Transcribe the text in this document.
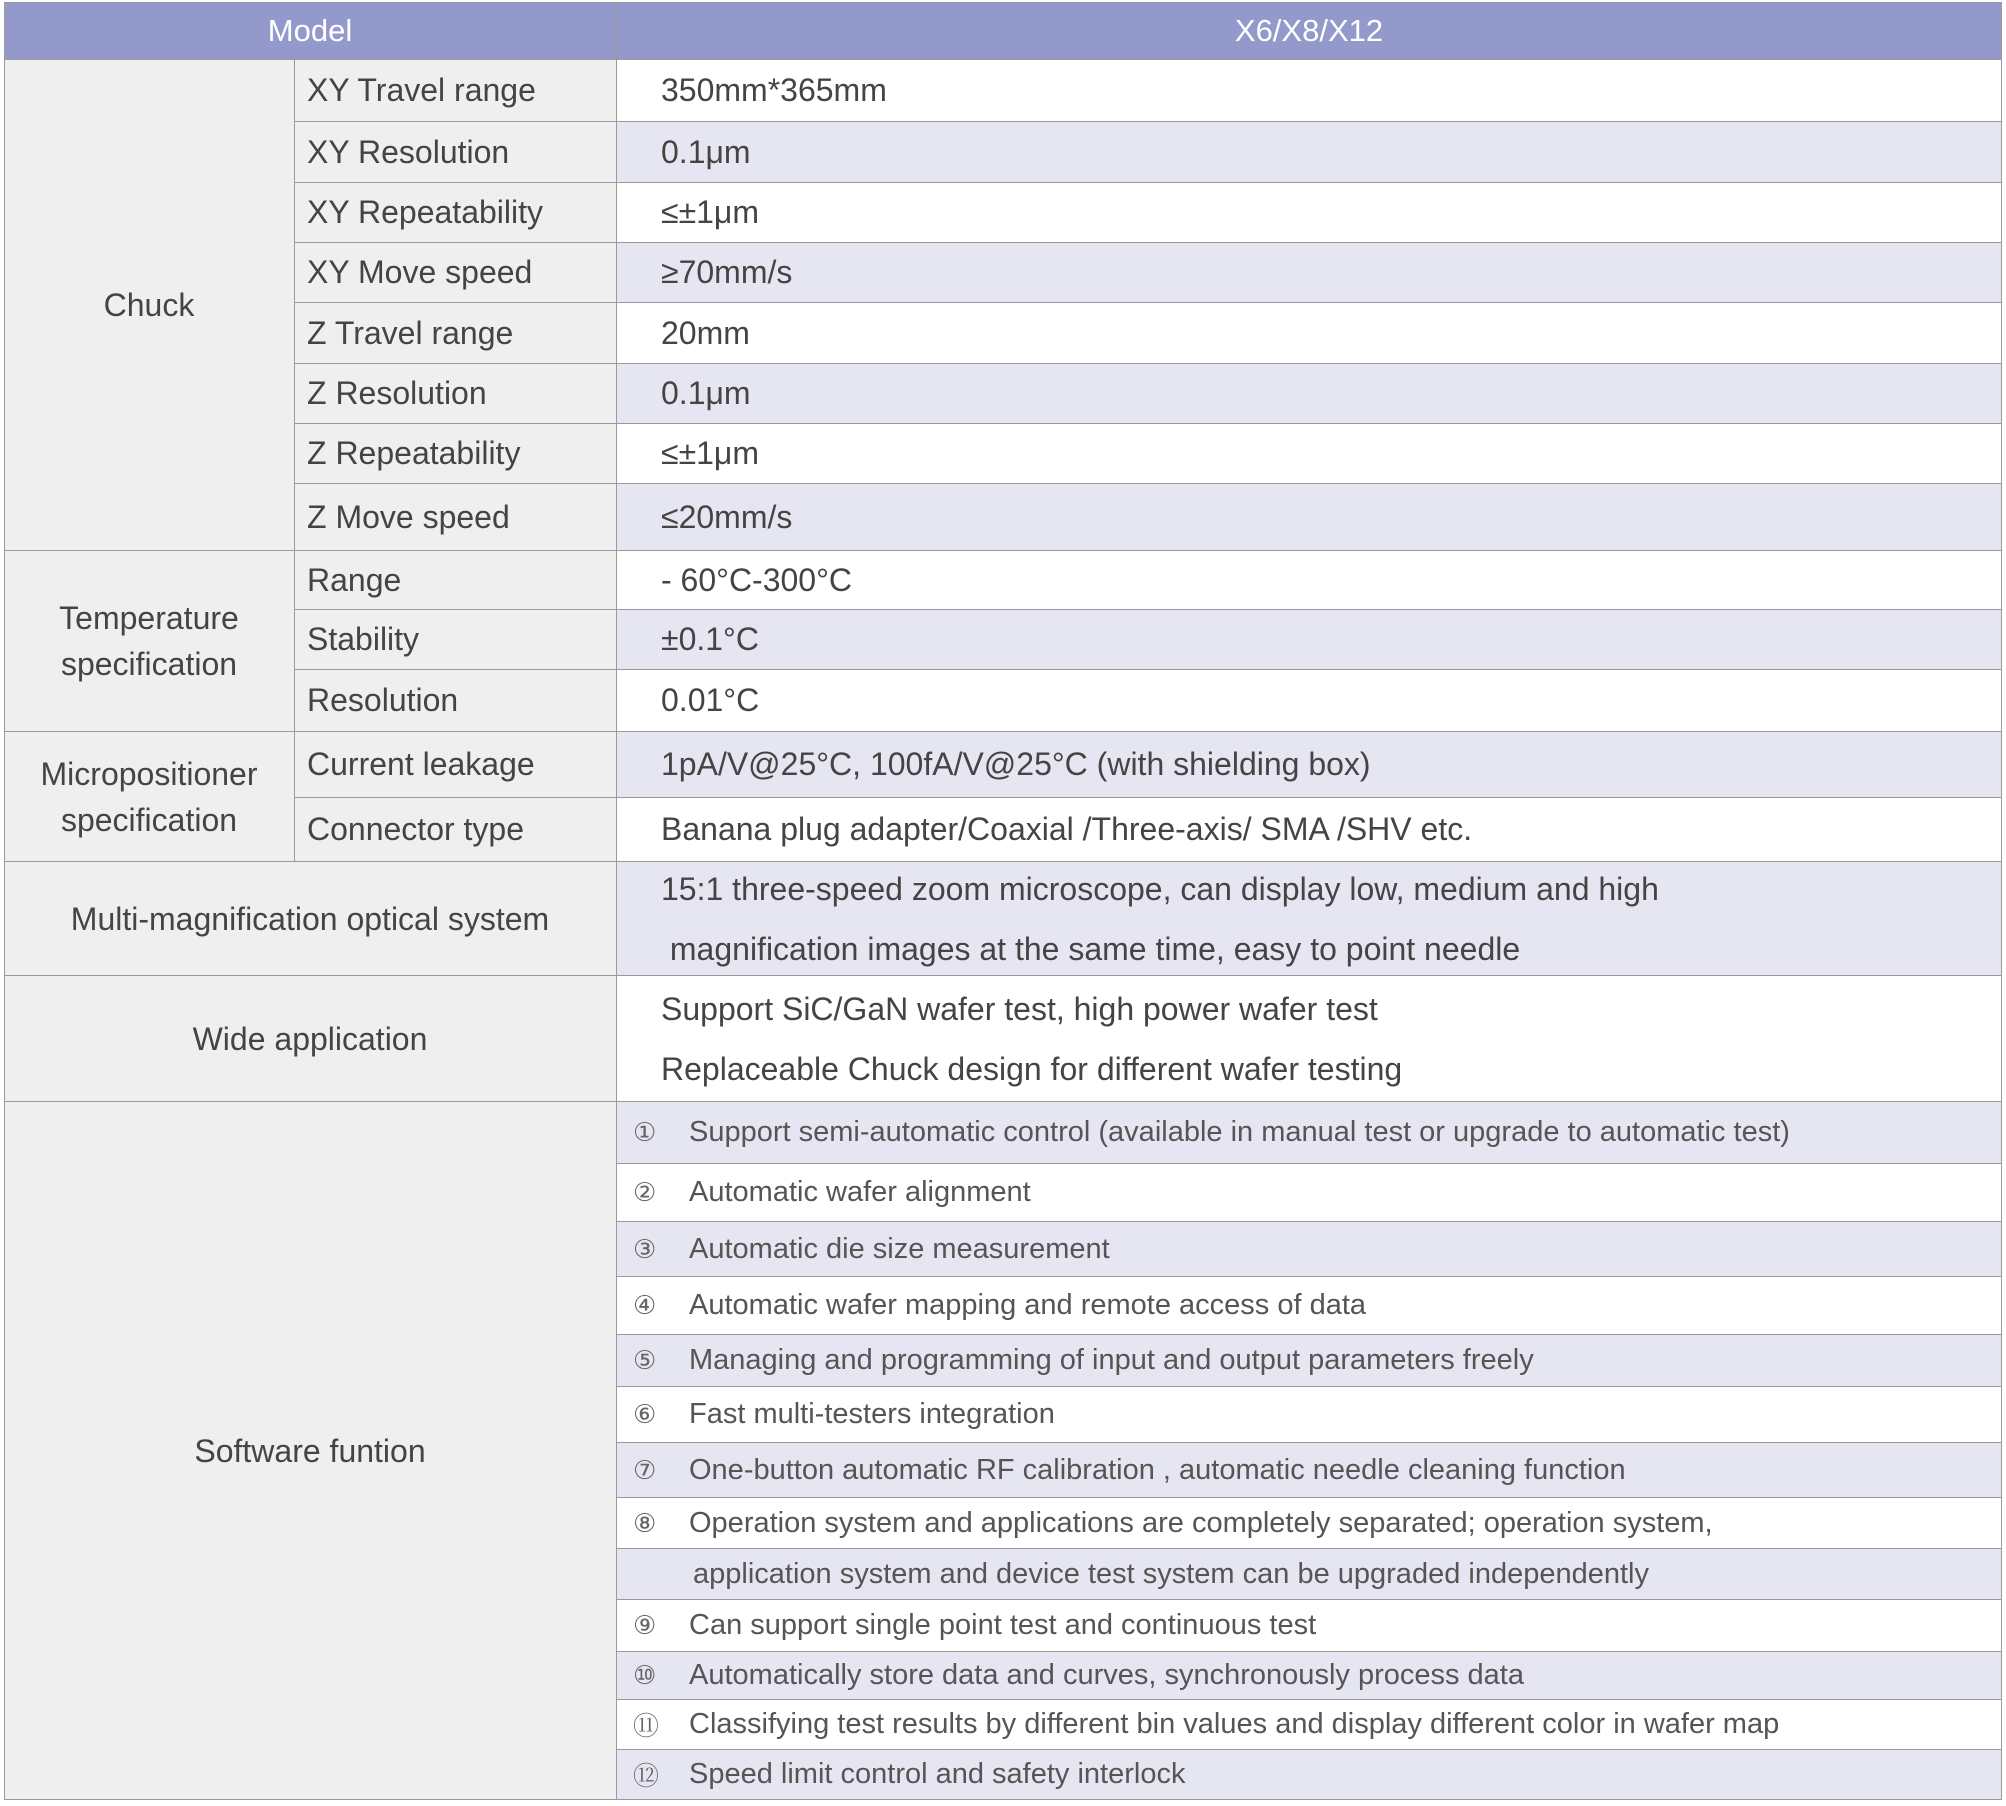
Model	X6/X8/X12
Chuck
XY Travel range	350mm*365mm
XY Resolution	0.1μm
XY Repeatability	≤±1μm
XY Move speed	≥70mm/s
Z Travel range	20mm
Z Resolution	0.1μm
Z Repeatability	≤±1μm
Z Move speed	≤20mm/s
Temperature
specification
Range	- 60°C-300°C
Stability	±0.1°C
Resolution	0.01°C
Micropositioner
specification
Current leakage	1pA/V@25°C, 100fA/V@25°C (with shielding box)
Connector type	Banana plug adapter/Coaxial /Three-axis/ SMA /SHV etc.
Multi-magnification optical system
15:1 three-speed zoom microscope, can display low, medium and high
magnification images at the same time, easy to point needle
Wide application
Support SiC/GaN wafer test, high power wafer test
Replaceable Chuck design for different wafer testing
Software funtion
①	Support semi-automatic control (available in manual test or upgrade to automatic test)
②	Automatic wafer alignment
③	Automatic die size measurement
④	Automatic wafer mapping and remote access of data
⑤	Managing and programming of input and output parameters freely
⑥	Fast multi-testers integration
⑦	One-button automatic RF calibration , automatic needle cleaning function
⑧	Operation system and applications are completely separated; operation system,
application system and device test system can be upgraded independently
⑨	Can support single point test and continuous test
⑩	Automatically store data and curves, synchronously process data
⑪	Classifying test results by different bin values and display different color in wafer map
⑫	Speed limit control and safety interlock
